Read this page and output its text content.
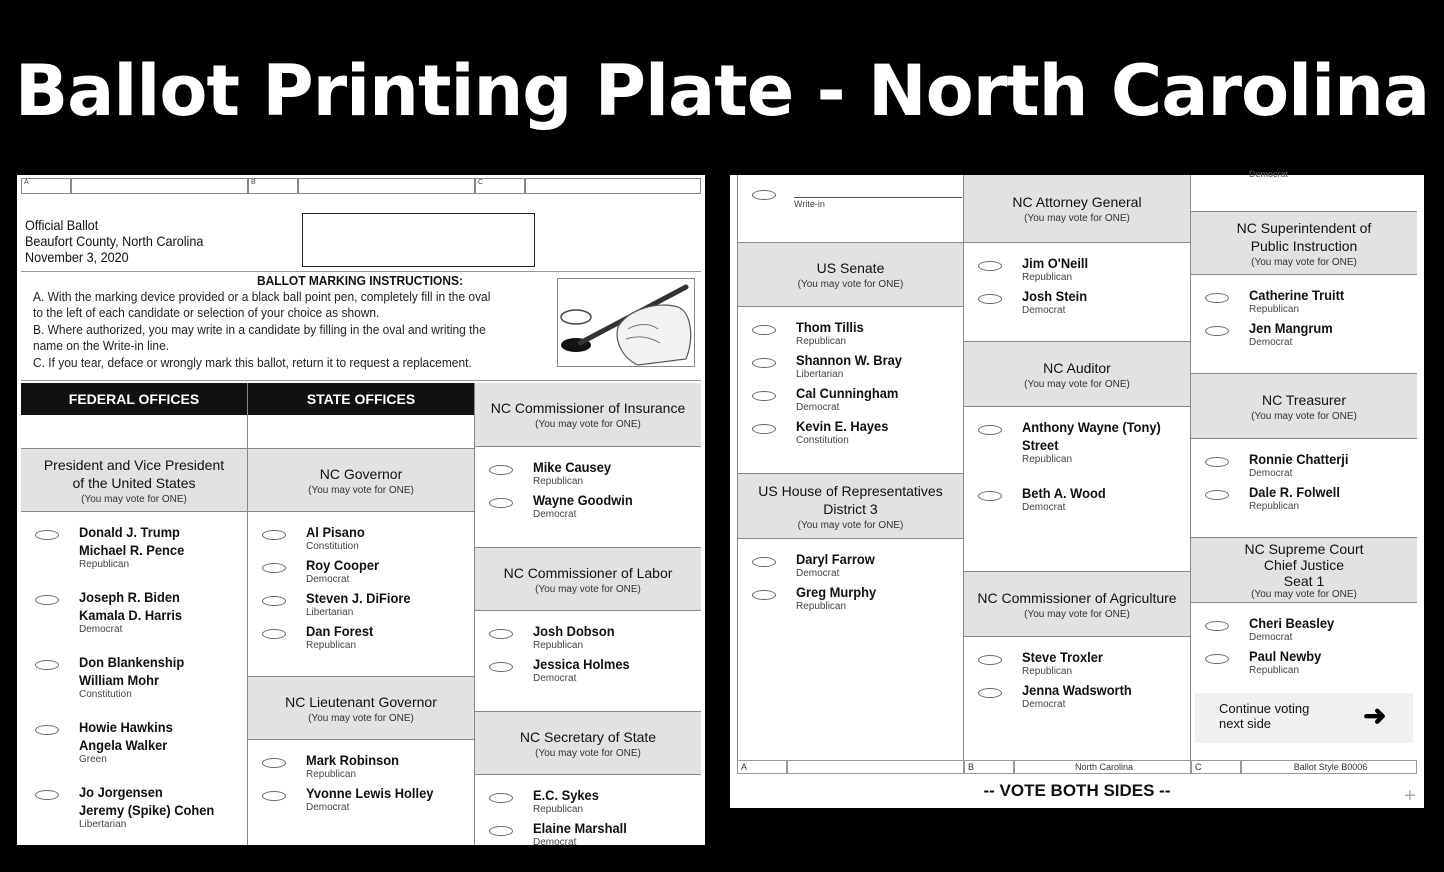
Ballot Printing Plate - North Carolina
A	B	C
Official Ballot
Beaufort County, North Carolina
November 3, 2020
BALLOT MARKING INSTRUCTIONS:
A. With the marking device provided or a black ball point pen, completely fill in the oval
to the left of each candidate or selection of your choice as shown.
B. Where authorized, you may write in a candidate by filling in the oval and writing the
name on the Write-in line.
C. If you tear, deface or wrongly mark this ballot, return it to request a replacement.
FEDERAL OFFICES
President and Vice President
of the United States
(You may vote for ONE)
Donald J. Trump
Michael R. Pence
Republican
Joseph R. Biden
Kamala D. Harris
Democrat
Don Blankenship
William Mohr
Constitution
Howie Hawkins
Angela Walker
Green
Jo Jorgensen
Jeremy (Spike) Cohen
Libertarian
STATE OFFICES
NC Governor
(You may vote for ONE)
Al Pisano
Constitution
Roy Cooper
Democrat
Steven J. DiFiore
Libertarian
Dan Forest
Republican
NC Lieutenant Governor
(You may vote for ONE)
Mark Robinson
Republican
Yvonne Lewis Holley
Democrat
NC Commissioner of Insurance
(You may vote for ONE)
Mike Causey
Republican
Wayne Goodwin
Democrat
NC Commissioner of Labor
(You may vote for ONE)
Josh Dobson
Republican
Jessica Holmes
Democrat
NC Secretary of State
(You may vote for ONE)
E.C. Sykes
Republican
Elaine Marshall
Democrat
Write-in
US Senate
(You may vote for ONE)
Thom Tillis
Republican
Shannon W. Bray
Libertarian
Cal Cunningham
Democrat
Kevin E. Hayes
Constitution
US House of Representatives
District 3
(You may vote for ONE)
Daryl Farrow
Democrat
Greg Murphy
Republican
NC Attorney General
(You may vote for ONE)
Jim O'Neill
Republican
Josh Stein
Democrat
NC Auditor
(You may vote for ONE)
Anthony Wayne (Tony)
Street
Republican
Beth A. Wood
Democrat
NC Commissioner of Agriculture
(You may vote for ONE)
Steve Troxler
Republican
Jenna Wadsworth
Democrat
Democrat
NC Superintendent of
Public Instruction
(You may vote for ONE)
Catherine Truitt
Republican
Jen Mangrum
Democrat
NC Treasurer
(You may vote for ONE)
Ronnie Chatterji
Democrat
Dale R. Folwell
Republican
NC Supreme Court
Chief Justice
Seat 1
(You may vote for ONE)
Cheri Beasley
Democrat
Paul Newby
Republican
Continue voting
next side	➜
A	B	North Carolina	C	Ballot Style B0006
-- VOTE BOTH SIDES --	+
